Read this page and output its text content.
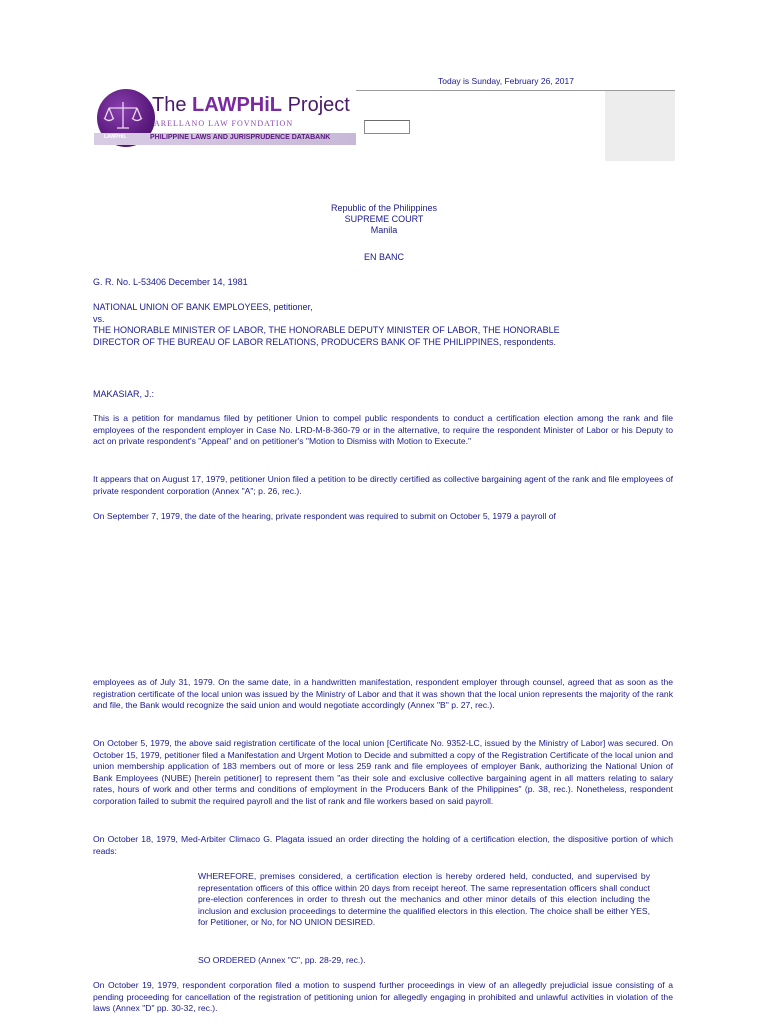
Today is Sunday, February 26, 2017
The LAWPHiL Project
ARELLANO LAW FOVNDATION
PHILIPPINE LAWS AND JURISPRUDENCE DATABANK
LAWPHiL
Republic of the Philippines
SUPREME COURT
Manila
EN BANC
G. R. No. L-53406 December 14, 1981
NATIONAL UNION OF BANK EMPLOYEES, petitioner,
vs.
THE HONORABLE MINISTER OF LABOR, THE HONORABLE DEPUTY MINISTER OF LABOR, THE HONORABLE
DIRECTOR OF THE BUREAU OF LABOR RELATIONS, PRODUCERS BANK OF THE PHILIPPINES, respondents.
MAKASIAR, J.:
This is a petition for mandamus filed by petitioner Union to compel public respondents to conduct a certification election among the rank and file employees of the respondent employer in Case No. LRD-M-8-360-79 or in the alternative, to require the respondent Minister of Labor or his Deputy to act on private respondent's "Appeal" and on petitioner's "Motion to Dismiss with Motion to Execute."
It appears that on August 17, 1979, petitioner Union filed a petition to be directly certified as collective bargaining agent of the rank and file employees of private respondent corporation (Annex "A"; p. 26, rec.).
On September 7, 1979, the date of the hearing, private respondent was required to submit on October 5, 1979 a payroll of
employees as of July 31, 1979. On the same date, in a handwritten manifestation, respondent employer through counsel, agreed that as soon as the registration certificate of the local union was issued by the Ministry of Labor and that it was shown that the local union represents the majority of the rank and file, the Bank would recognize the said union and would negotiate accordingly (Annex "B" p. 27, rec.).
On October 5, 1979, the above said registration certificate of the local union [Certificate No. 9352-LC, issued by the Ministry of Labor] was secured. On October 15, 1979, petitioner filed a Manifestation and Urgent Motion to Decide and submitted a copy of the Registration Certificate of the local union and union membership application of 183 members out of more or less 259 rank and file employees of employer Bank, authorizing the National Union of Bank Employees (NUBE) [herein petitioner] to represent them "as their sole and exclusive collective bargaining agent in all matters relating to salary rates, hours of work and other terms and conditions of employment in the Producers Bank of the Philippines" (p. 38, rec.). Nonetheless, respondent corporation failed to submit the required payroll and the list of rank and file workers based on said payroll.
On October 18, 1979, Med-Arbiter Climaco G. Plagata issued an order directing the holding of a certification election, the dispositive portion of which reads:
WHEREFORE, premises considered, a certification election is hereby ordered held, conducted, and supervised by representation officers of this office within 20 days from receipt hereof. The same representation officers shall conduct pre-election conferences in order to thresh out the mechanics and other minor details of this election including the inclusion and exclusion proceedings to determine the qualified electors in this election. The choice shall be either YES, for Petitioner, or No, for NO UNION DESIRED.
SO ORDERED (Annex "C", pp. 28-29, rec.).
On October 19, 1979, respondent corporation filed a motion to suspend further proceedings in view of an allegedly prejudicial issue consisting of a pending proceeding for cancellation of the registration of petitioning union for allegedly engaging in prohibited and unlawful activities in violation of the laws (Annex "D" pp. 30-32, rec.).
